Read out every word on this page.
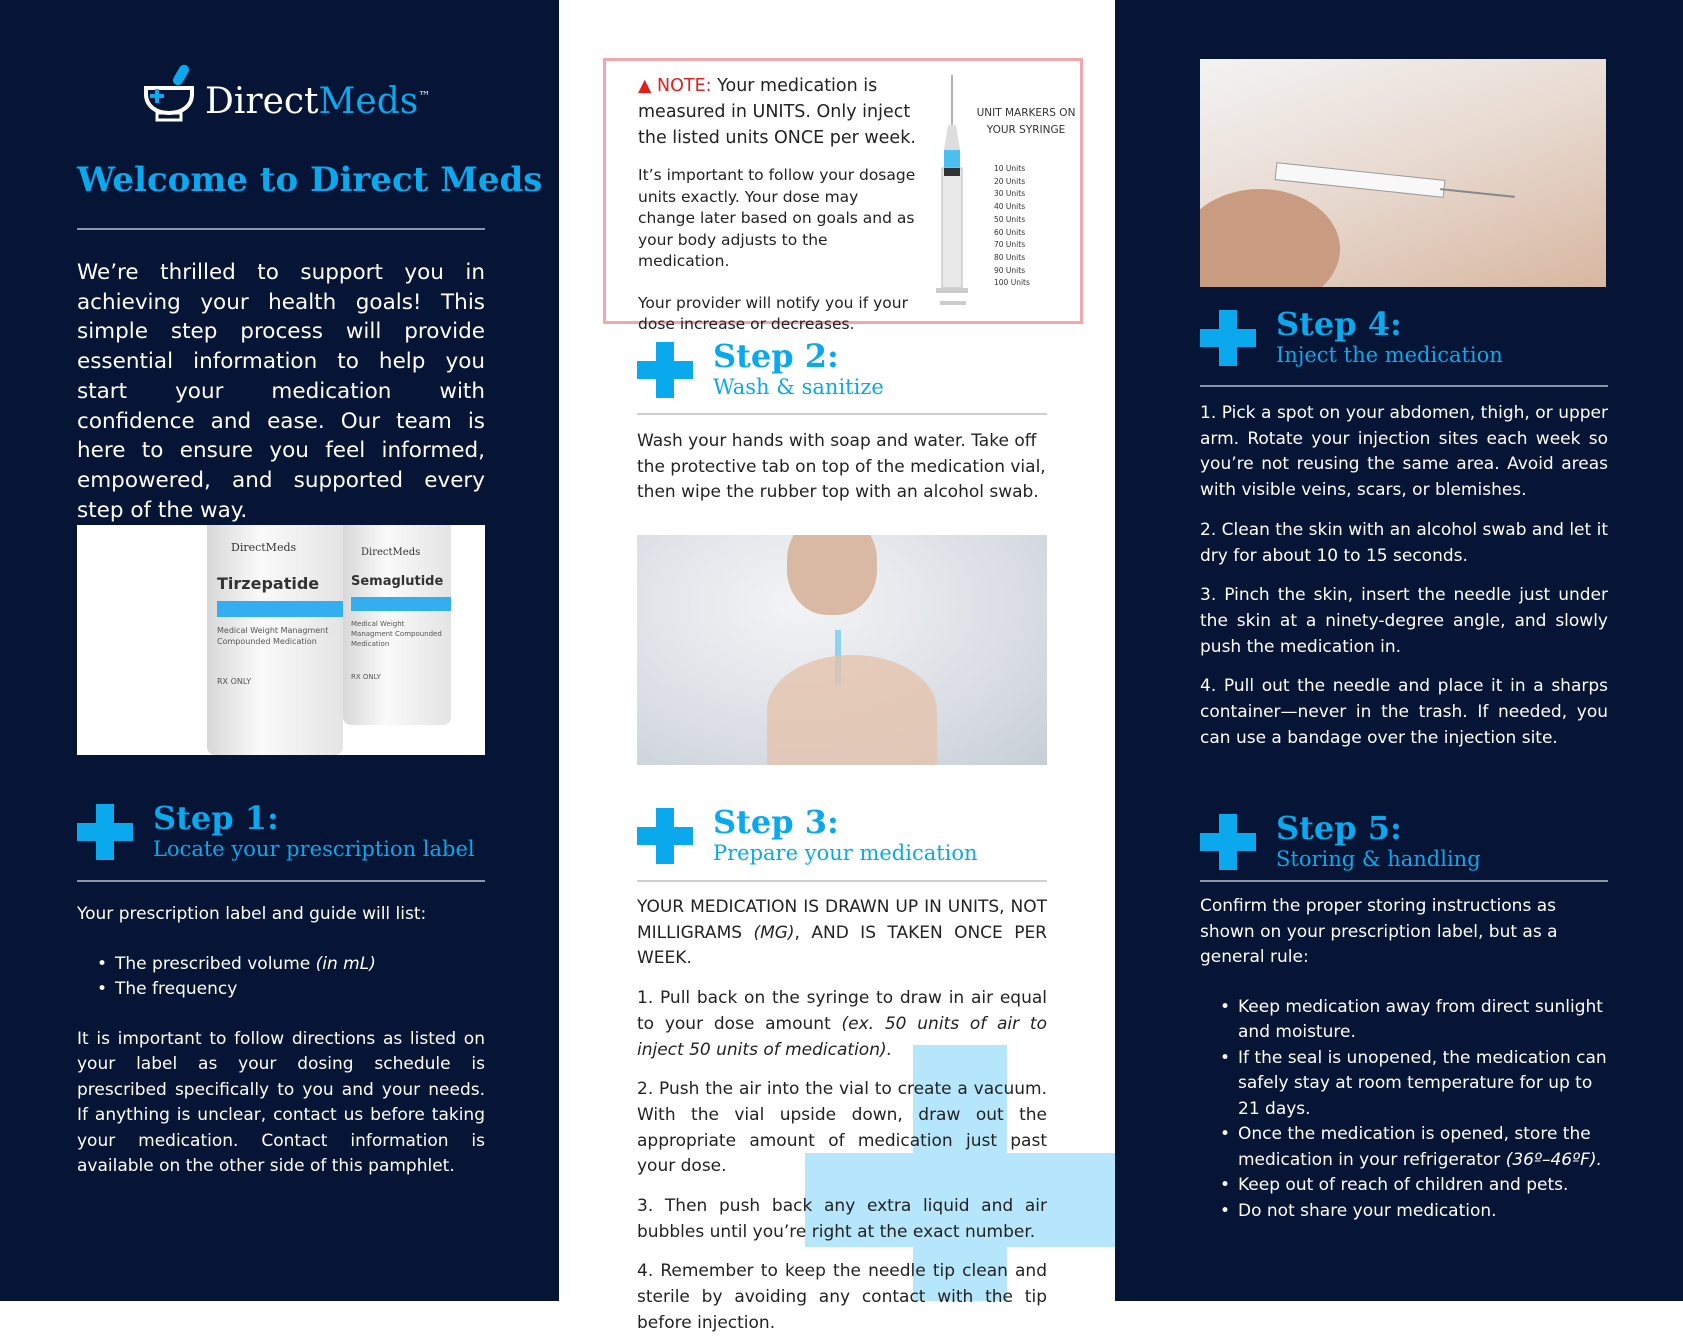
DirectMeds™
Welcome to Direct Meds
We’re thrilled to support you in achieving your health goals! This simple step process will provide essential information to help you start your medication with confidence and ease. Our team is here to ensure you feel informed, empowered, and supported every step of the way.
DirectMeds
Tirzepatide
Medical Weight Managment Compounded Medication
RX ONLY
DirectMeds
Semaglutide
Medical Weight Managment Compounded Medication
RX ONLY
Step 1:
Locate your prescription label

Your prescription label and guide will list:

• The prescribed volume (in mL)
• The frequency

It is important to follow directions as listed on your label as your dosing schedule is prescribed specifically to you and your needs. If anything is unclear, contact us before taking your medication. Contact information is available on the other side of this pamphlet.

▲ NOTE: Your medication is measured in UNITS. Only inject the listed units ONCE per week.

It’s important to follow your dosage units exactly. Your dose may change later based on goals and as your body adjusts to the medication.

Your provider will notify you if your dose increase or decreases.

UNIT MARKERS ON YOUR SYRINGE
10 Units
20 Units
30 Units
40 Units
50 Units
60 Units
70 Units
80 Units
90 Units
100 Units
Step 2:
Wash & sanitize
Wash your hands with soap and water. Take off the protective tab on top of the medication vial, then wipe the rubber top with an alcohol swab.
Step 3:
Prepare your medication

YOUR MEDICATION IS DRAWN UP IN UNITS, NOT MILLIGRAMS (MG), AND IS TAKEN ONCE PER WEEK.

1. Pull back on the syringe to draw in air equal to your dose amount (ex. 50 units of air to inject 50 units of medication).

2. Push the air into the vial to create a vacuum. With the vial upside down, draw out the appropriate amount of medication just past your dose.

3. Then push back any extra liquid and air bubbles until you’re right at the exact number.

4. Remember to keep the needle tip clean and sterile by avoiding any contact with the tip before injection.

Step 4:
Inject the medication

1. Pick a spot on your abdomen, thigh, or upper arm. Rotate your injection sites each week so you’re not reusing the same area. Avoid areas with visible veins, scars, or blemishes.

2. Clean the skin with an alcohol swab and let it dry for about 10 to 15 seconds.

3. Pinch the skin, insert the needle just under the skin at a ninety-degree angle, and slowly push the medication in.

4. Pull out the needle and place it in a sharps container—never in the trash. If needed, you can use a bandage over the injection site.

Step 5:
Storing & handling

Confirm the proper storing instructions as shown on your prescription label, but as a general rule:

• Keep medication away from direct sunlight and moisture.
• If the seal is unopened, the medication can safely stay at room temperature for up to 21 days.
• Once the medication is opened, store the medication in your refrigerator (36º–46ºF).
• Keep out of reach of children and pets.
• Do not share your medication.
